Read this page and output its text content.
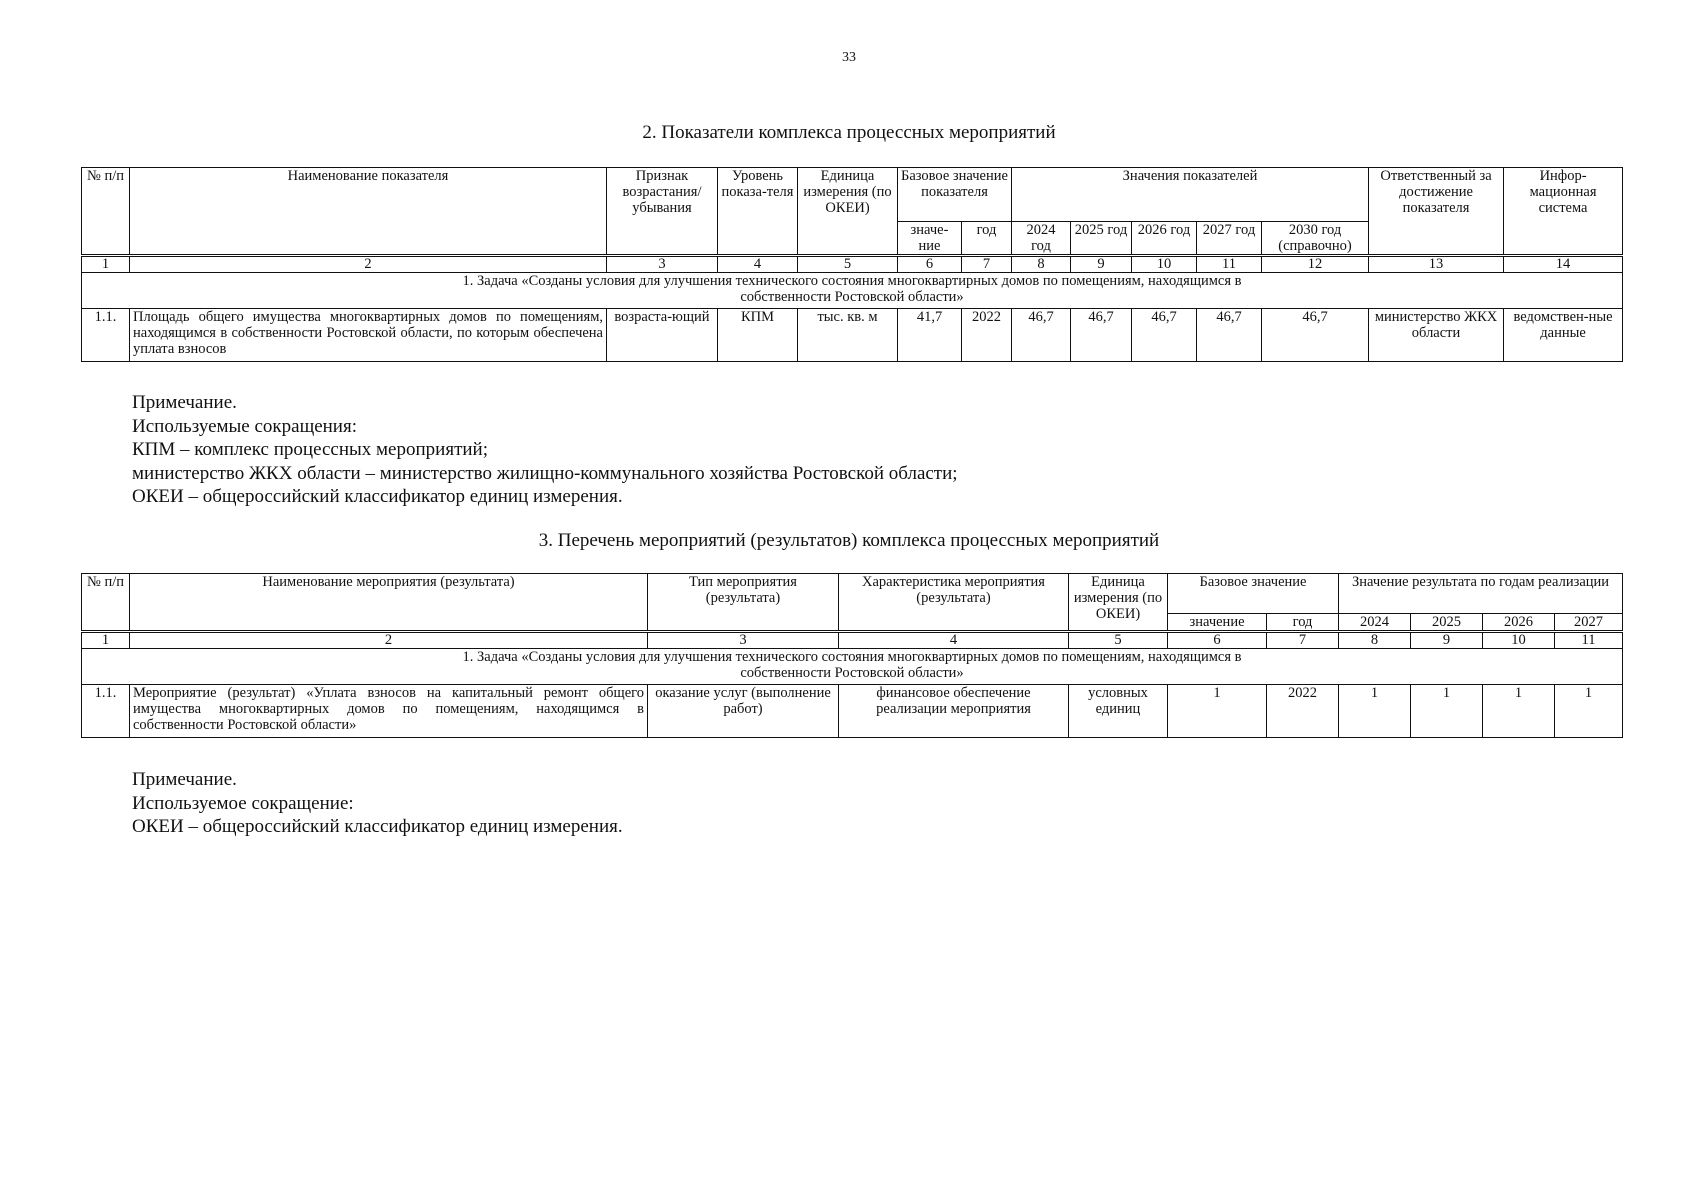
33
2. Показатели комплекса процессных мероприятий
№ п/п	Наименование показателя	Признак возрастания/ убывания	Уровень показа-теля	Единица измерения (по ОКЕИ)	Базовое значение показателя		Значения показателей					Ответственный за достижение показателя	Инфор-мационная система
					значе-ние	год	2024 год	2025 год	2026 год	2027 год	2030 год (справочно)		
1	2	3	4	5	6	7	8	9	10	11	12	13	14
1. Задача «Созданы условия для улучшения технического состояния многоквартирных домов по помещениям, находящимся в собственности Ростовской области»													
1.1.	Площадь общего имущества многоквартирных домов по помещениям, находящимся в собственности Ростовской области, по которым обеспечена уплата взносов	возраста-ющий	КПМ	тыс. кв. м	41,7	2022	46,7	46,7	46,7	46,7	46,7	министерство ЖКХ области	ведомствен-ные данные
Примечание.
Используемые сокращения:
КПМ – комплекс процессных мероприятий;
министерство ЖКХ области – министерство жилищно-коммунального хозяйства Ростовской области;
ОКЕИ – общероссийский классификатор единиц измерения.
3. Перечень мероприятий (результатов) комплекса процессных мероприятий
№ п/п	Наименование мероприятия (результата)	Тип мероприятия (результата)	Характеристика мероприятия (результата)	Единица измерения (по ОКЕИ)	Базовое значение		Значение результата по годам реализации			
					значение	год	2024	2025	2026	2027
1	2	3	4	5	6	7	8	9	10	11
1. Задача «Созданы условия для улучшения технического состояния многоквартирных домов по помещениям, находящимся в собственности Ростовской области»										
1.1.	Мероприятие (результат) «Уплата взносов на капитальный ремонт общего имущества многоквартирных домов по помещениям, находящимся в собственности Ростовской области»	оказание услуг (выполнение работ)	финансовое обеспечение реализации мероприятия	условных единиц	1	2022	1	1	1	1
Примечание.
Используемое сокращение:
ОКЕИ – общероссийский классификатор единиц измерения.
